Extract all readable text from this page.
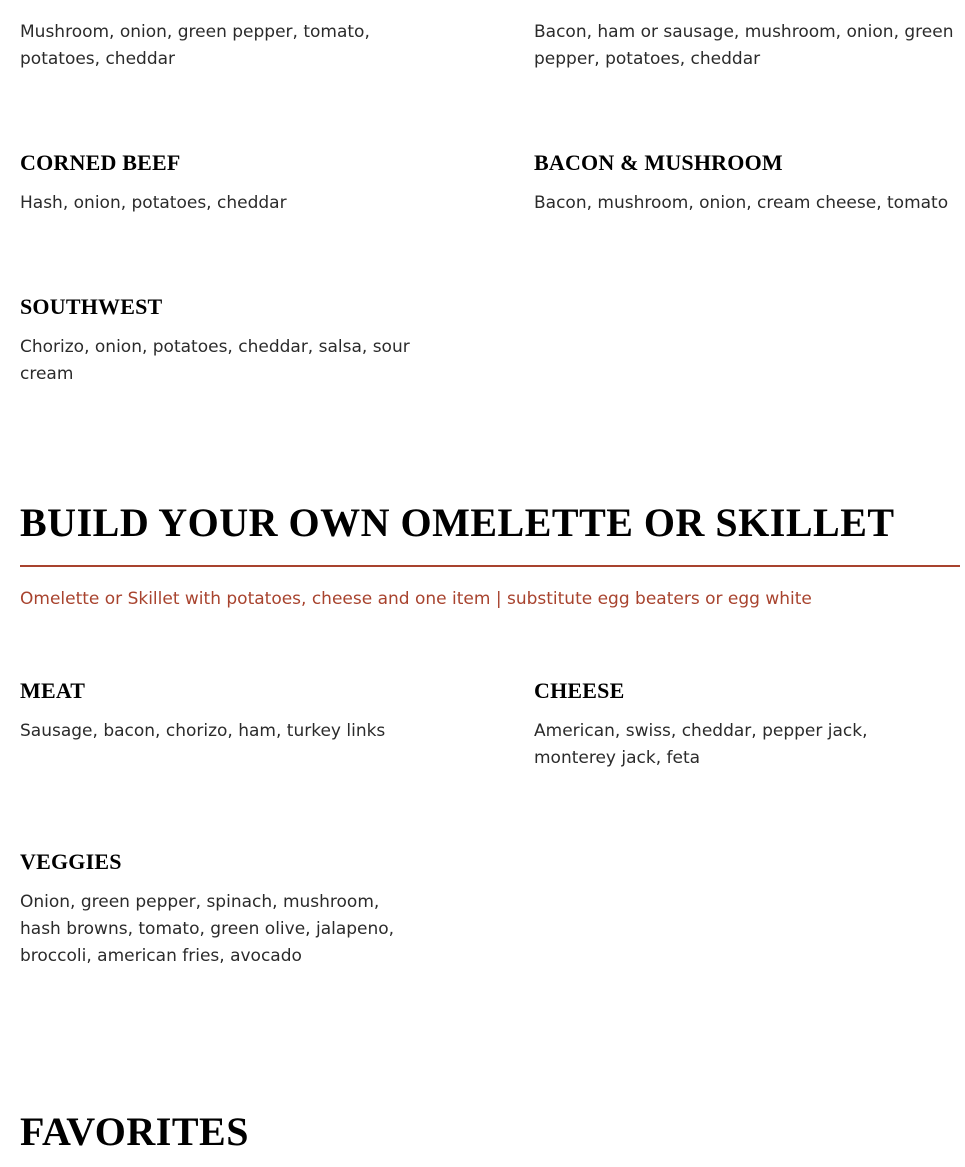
Mushroom, onion, green pepper, tomato, potatoes, cheddar

Bacon, ham or sausage, mushroom, onion, green pepper, potatoes, cheddar

CORNED BEEF

Hash, onion, potatoes, cheddar

BACON & MUSHROOM

Bacon, mushroom, onion, cream cheese, tomato

SOUTHWEST

Chorizo, onion, potatoes, cheddar, salsa, sour cream

BUILD YOUR OWN OMELETTE OR SKILLET

Omelette or Skillet with potatoes, cheese and one item | substitute egg beaters or egg white

MEAT

Sausage, bacon, chorizo, ham, turkey links

CHEESE

American, swiss, cheddar, pepper jack, monterey jack, feta

VEGGIES

Onion, green pepper, spinach, mushroom, hash browns, tomato, green olive, jalapeno, broccoli, american fries, avocado

FAVORITES
